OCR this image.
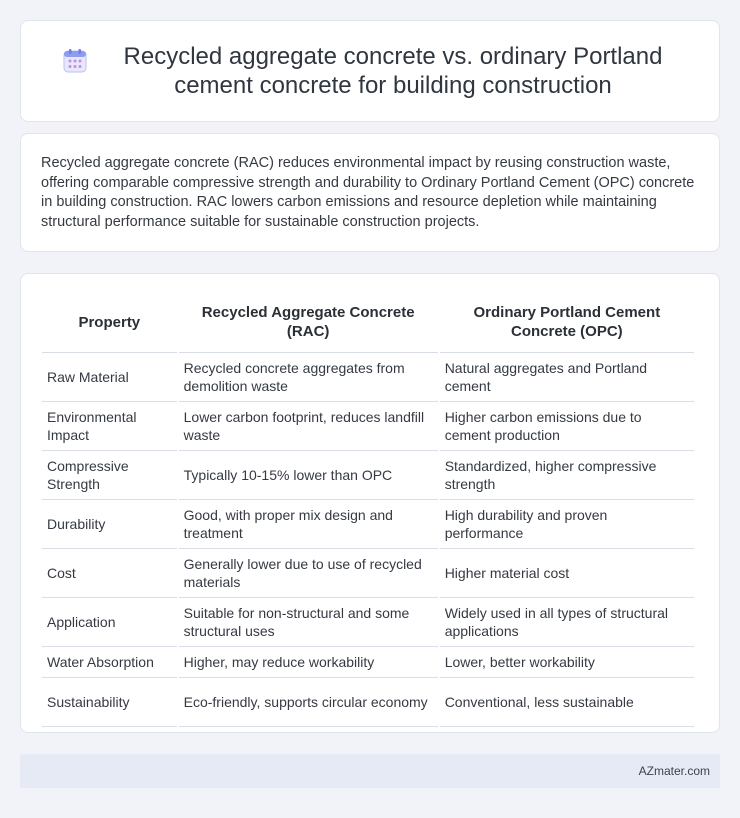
Recycled aggregate concrete vs. ordinary Portland cement concrete for building construction

Recycled aggregate concrete (RAC) reduces environmental impact by reusing construction waste, offering comparable compressive strength and durability to Ordinary Portland Cement (OPC) concrete in building construction. RAC lowers carbon emissions and resource depletion while maintaining structural performance suitable for sustainable construction projects.

Property	Recycled Aggregate Concrete (RAC)	Ordinary Portland Cement Concrete (OPC)
Raw Material	Recycled concrete aggregates from demolition waste	Natural aggregates and Portland cement
Environmental Impact	Lower carbon footprint, reduces landfill waste	Higher carbon emissions due to cement production
Compressive Strength	Typically 10-15% lower than OPC	Standardized, higher compressive strength
Durability	Good, with proper mix design and treatment	High durability and proven performance
Cost	Generally lower due to use of recycled materials	Higher material cost
Application	Suitable for non-structural and some structural uses	Widely used in all types of structural applications
Water Absorption	Higher, may reduce workability	Lower, better workability
Sustainability	Eco-friendly, supports circular economy	Conventional, less sustainable
AZmater.com
